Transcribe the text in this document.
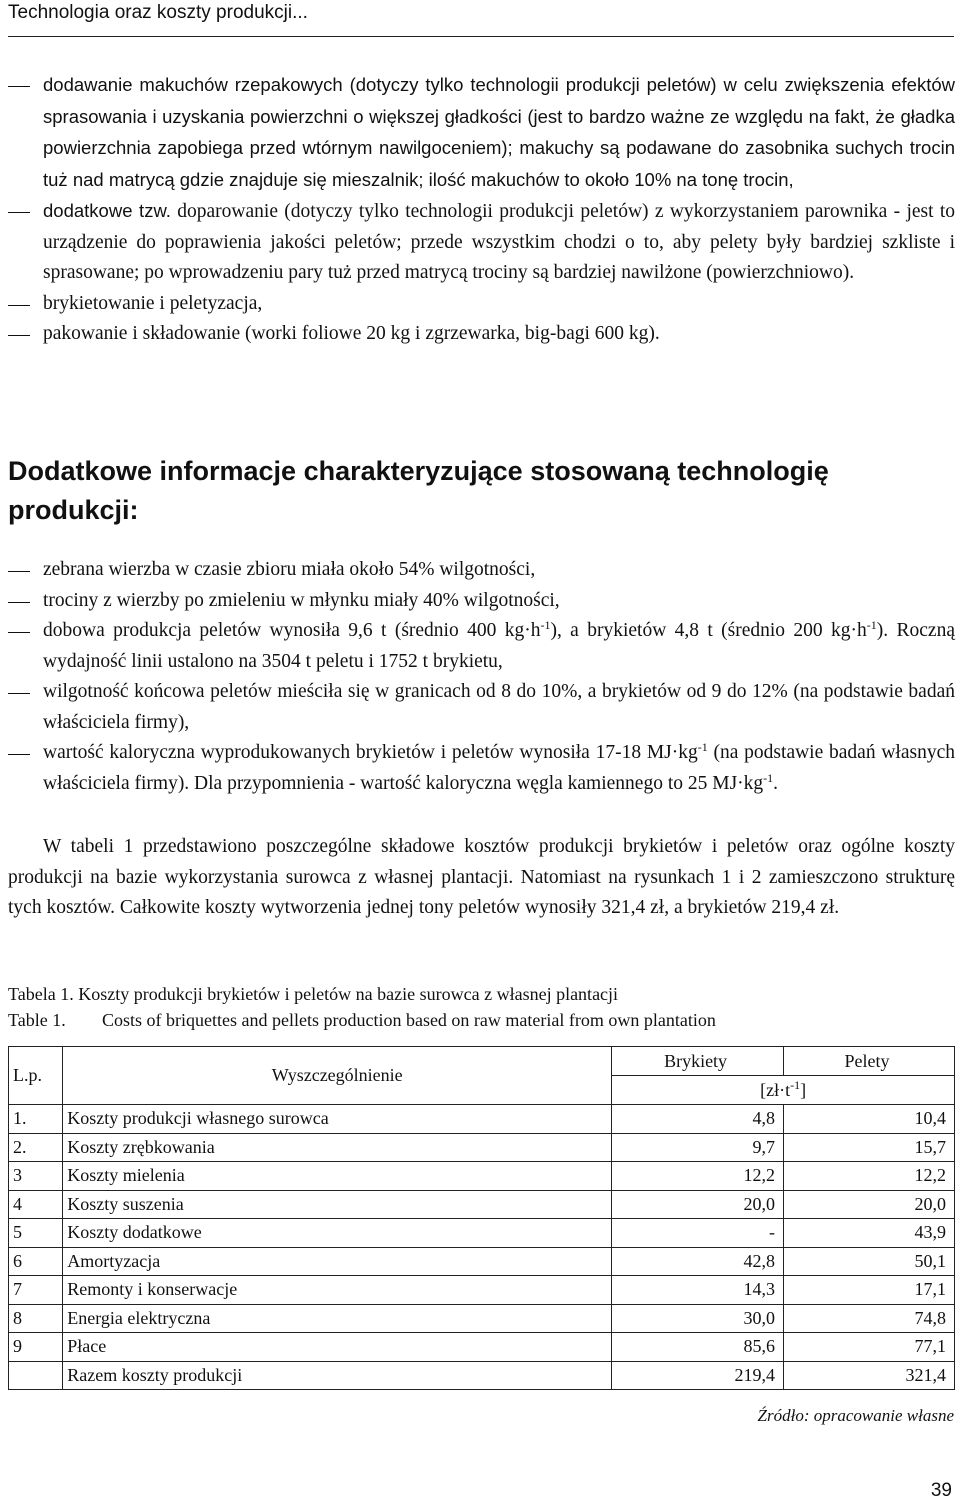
Technologia oraz koszty produkcji...
dodawanie makuchów rzepakowych (dotyczy tylko technologii produkcji peletów) w celu zwiększenia efektów sprasowania i uzyskania powierzchni o większej gładkości (jest to bardzo ważne ze względu na fakt, że gładka powierzchnia zapobiega przed wtórnym nawilgoceniem); makuchy są podawane do zasobnika suchych trocin tuż nad matrycą gdzie znajduje się mieszalnik; ilość makuchów to około 10% na tonę trocin,
dodatkowe tzw. doparowanie (dotyczy tylko technologii produkcji peletów) z wykorzystaniem parownika - jest to urządzenie do poprawienia jakości peletów; przede wszystkim chodzi o to, aby pelety były bardziej szkliste i sprasowane; po wprowadzeniu pary tuż przed matrycą trociny są bardziej nawilżone (powierzchniowo).
brykietowanie i peletyzacja,
pakowanie i składowanie (worki foliowe 20 kg i zgrzewarka, big-bagi 600 kg).
Dodatkowe informacje charakteryzujące stosowaną technologię produkcji:
zebrana wierzba w czasie zbioru miała około 54% wilgotności,
trociny z wierzby po zmieleniu w młynku miały 40% wilgotności,
dobowa produkcja peletów wynosiła 9,6 t (średnio 400 $kg\cdot h^{-1}$), a brykietów 4,8 t (średnio 200 $kg\cdot h^{-1}$). Roczną wydajność linii ustalono na 3504 t peletu i 1752 t brykietu,
wilgotność końcowa peletów mieściła się w granicach od 8 do 10%, a brykietów od 9 do 12% (na podstawie badań właściciela firmy),
wartość kaloryczna wyprodukowanych brykietów i peletów wynosiła 17-18 $MJ\cdot kg^{-1}$ (na podstawie badań własnych właściciela firmy). Dla przypomnienia - wartość kaloryczna węgla kamiennego to 25 $MJ\cdot kg^{-1}$.

W tabeli 1 przedstawiono poszczególne składowe kosztów produkcji brykietów i peletów oraz ogólne koszty produkcji na bazie wykorzystania surowca z własnej plantacji. Natomiast na rysunkach 1 i 2 zamieszczono strukturę tych kosztów. Całkowite koszty wytworzenia jednej tony peletów wynosiły 321,4 zł, a brykietów 219,4 zł.

Tabela 1. Koszty produkcji brykietów i peletów na bazie surowca z własnej plantacji
Table 1. Costs of briquettes and pellets production based on raw material from own plantation
L.p.	Wyszczególnienie	Brykiety	Pelety
		$[zł\cdot t^{-1}]$	
1.	Koszty produkcji własnego surowca	4,8	10,4
2.	Koszty zrębkowania	9,7	15,7
3	Koszty mielenia	12,2	12,2
4	Koszty suszenia	20,0	20,0
5	Koszty dodatkowe	-	43,9
6	Amortyzacja	42,8	50,1
7	Remonty i konserwacje	14,3	17,1
8	Energia elektryczna	30,0	74,8
9	Płace	85,6	77,1
	Razem koszty produkcji	219,4	321,4
Źródło: opracowanie własne
39
